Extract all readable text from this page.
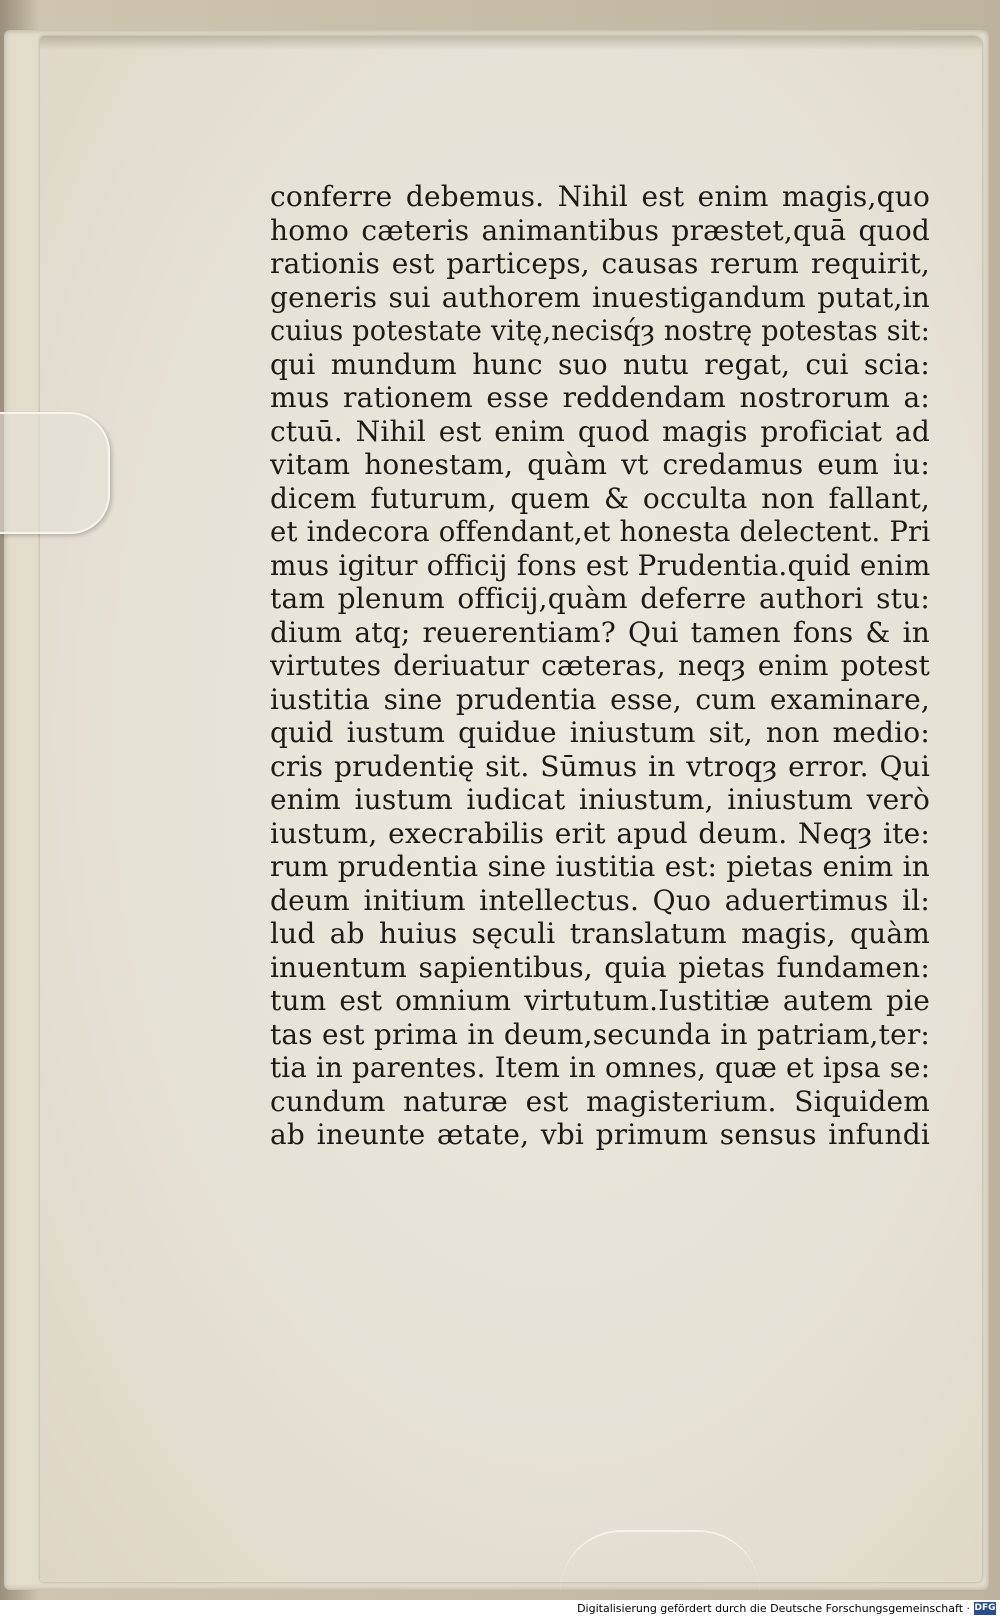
conferre debemus. Nihil est enim magis,quo
homo cæteris animantibus præstet,quā quod
rationis est particeps, causas rerum requirit,
generis sui authorem inuestigandum putat,in
cuius potestate vitę,necisq́ȝ nostrę potestas sit:
qui mundum hunc suo nutu regat, cui scia:
mus rationem esse reddendam nostrorum a:
ctuū. Nihil est enim quod magis proficiat ad
vitam honestam, quàm vt credamus eum iu:
dicem futurum, quem & occulta non fallant,
et indecora offendant,et honesta delectent. Pri
mus igitur officij fons est Prudentia.quid enim
tam plenum officij,quàm deferre authori stu:
dium atq; reuerentiam? Qui tamen fons & in
virtutes deriuatur cæteras, neqȝ enim potest
iustitia sine prudentia esse, cum examinare,
quid iustum quidue iniustum sit, non medio:
cris prudentię sit. Sūmus in vtroqȝ error. Qui
enim iustum iudicat iniustum, iniustum verò
iustum, execrabilis erit apud deum. Neqȝ ite:
rum prudentia sine iustitia est: pietas enim in
deum initium intellectus. Quo aduertimus il:
lud ab huius sęculi translatum magis, quàm
inuentum sapientibus, quia pietas fundamen:
tum est omnium virtutum.Iustitiæ autem pie
tas est prima in deum,secunda in patriam,ter:
tia in parentes. Item in omnes, quæ et ipsa se:
cundum naturæ est magisterium. Siquidem
ab ineunte ætate, vbi primum sensus infundi
Digitalisierung gefördert durch die Deutsche Forschungsgemeinschaft · DFG
